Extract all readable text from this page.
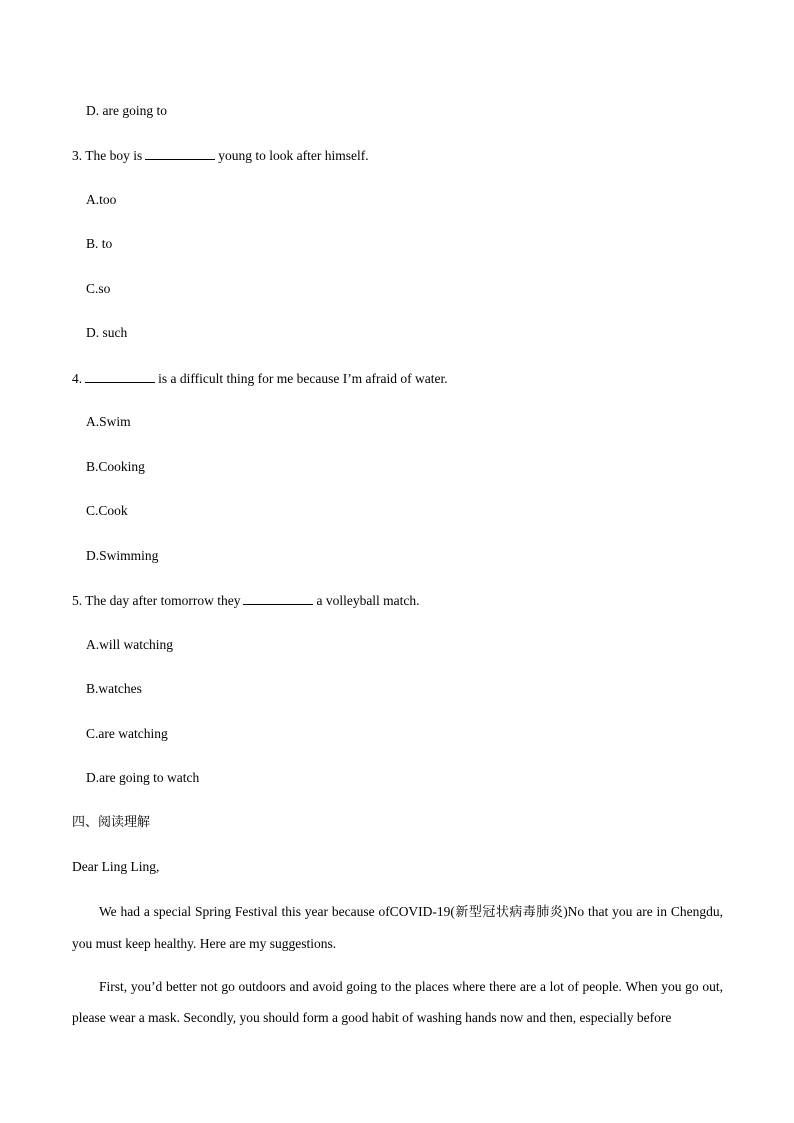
D. are going to
3. The boy is	young to look after himself.
A.too
B. to
C.so
D. such
4.	is a difficult thing for me because I’m afraid of water.
A.Swim
B.Cooking
C.Cook
D.Swimming
5. The day after tomorrow they	a volleyball match.
A.will watching
B.watches
C.are watching
D.are going to watch
四、阅读理解
Dear Ling Ling,
We had a special Spring Festival this year because ofCOVID-19(新型冠状病毒肺炎)No that you are in Chengdu, you must keep healthy. Here are my suggestions.
First, you’d better not go outdoors and avoid going to the places where there are a lot of people. When you go out, please wear a mask. Secondly, you should form a good habit of washing hands now and then, especially before
